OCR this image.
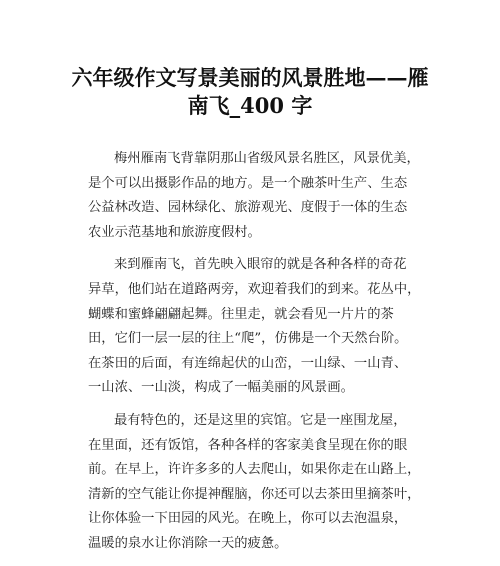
六年级作文写景美丽的风景胜地——雁
南飞_400 字

梅州雁南飞背靠阴那山省级风景名胜区，风景优美，
是个可以出摄影作品的地方。是一个融茶叶生产、生态
公益林改造、园林绿化、旅游观光、度假于一体的生态
农业示范基地和旅游度假村。

来到雁南飞，首先映入眼帘的就是各种各样的奇花
异草，他们站在道路两旁，欢迎着我们的到来。花丛中，
蝴蝶和蜜蜂翩翩起舞。往里走，就会看见一片片的茶
田，它们一层一层的往上“爬”，仿佛是一个天然台阶。
在茶田的后面，有连绵起伏的山峦，一山绿、一山青、
一山浓、一山淡，构成了一幅美丽的风景画。

最有特色的，还是这里的宾馆。它是一座围龙屋，
在里面，还有饭馆，各种各样的客家美食呈现在你的眼
前。在早上，许许多多的人去爬山，如果你走在山路上，
清新的空气能让你提神醒脑，你还可以去茶田里摘茶叶，
让你体验一下田园的风光。在晚上，你可以去泡温泉，
温暖的泉水让你消除一天的疲惫。
